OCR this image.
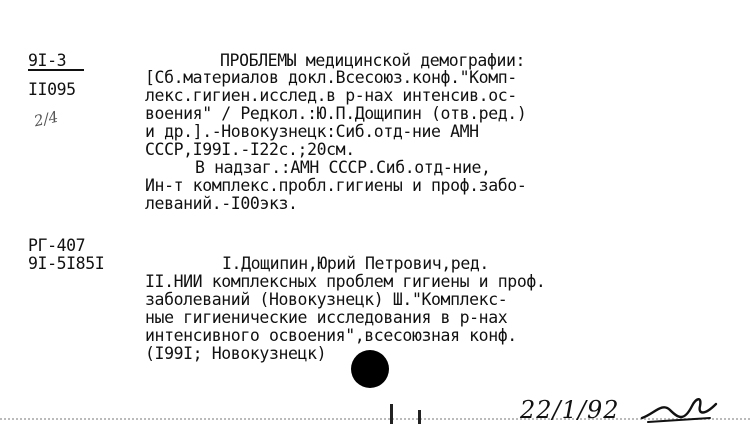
9I-3
II095
2/4
ПРОБЛЕМЫ медицинской демографии:
[Сб.материалов докл.Всесоюз.конф."Комп-
лекс.гигиен.исслед.в р-нах интенсив.ос-
воения" / Редкол.:Ю.П.Дощипин (отв.ред.)
и др.].-Новокузнецк:Сиб.отд-ние АМН
СССР,I99I.-I22с.;20см.
В надзаг.:АМН СССР.Сиб.отд-ние,
Ин-т комплекс.пробл.гигиены и проф.забо-
леваний.-I00экз.
РГ-407
9I-5I85I	I.Дощипин,Юрий Петрович,ред.
II.НИИ комплексных проблем гигиены и проф.
заболеваний (Новокузнецк) Ш."Комплекс-
ные гигиенические исследования в р-нах
интенсивного освоения",всесоюзная конф.
(I99I; Новокузнецк)
22/1/92
